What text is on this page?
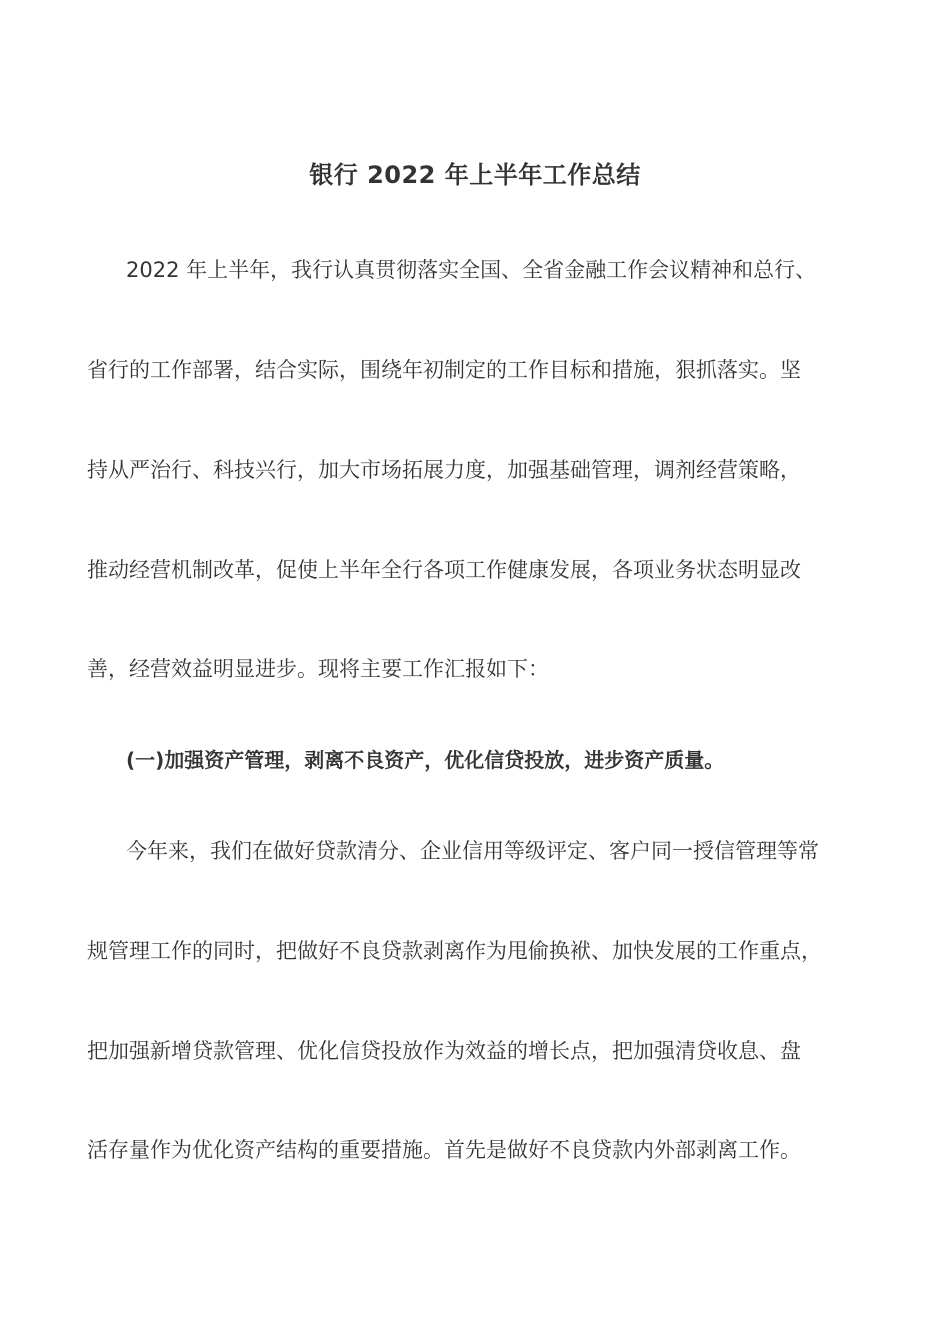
银行 2022 年上半年工作总结
2022 年上半年，我行认真贯彻落实全国、全省金融工作会议精神和总行、
省行的工作部署，结合实际，围绕年初制定的工作目标和措施，狠抓落实。坚
持从严治行、科技兴行，加大市场拓展力度，加强基础管理，调剂经营策略，
推动经营机制改革，促使上半年全行各项工作健康发展，各项业务状态明显改
善，经营效益明显进步。现将主要工作汇报如下：
(一)加强资产管理，剥离不良资产，优化信贷投放，进步资产质量。
今年来，我们在做好贷款清分、企业信用等级评定、客户同一授信管理等常
规管理工作的同时，把做好不良贷款剥离作为甩偷换袱、加快发展的工作重点，
把加强新增贷款管理、优化信贷投放作为效益的增长点，把加强清贷收息、盘
活存量作为优化资产结构的重要措施。首先是做好不良贷款内外部剥离工作。
